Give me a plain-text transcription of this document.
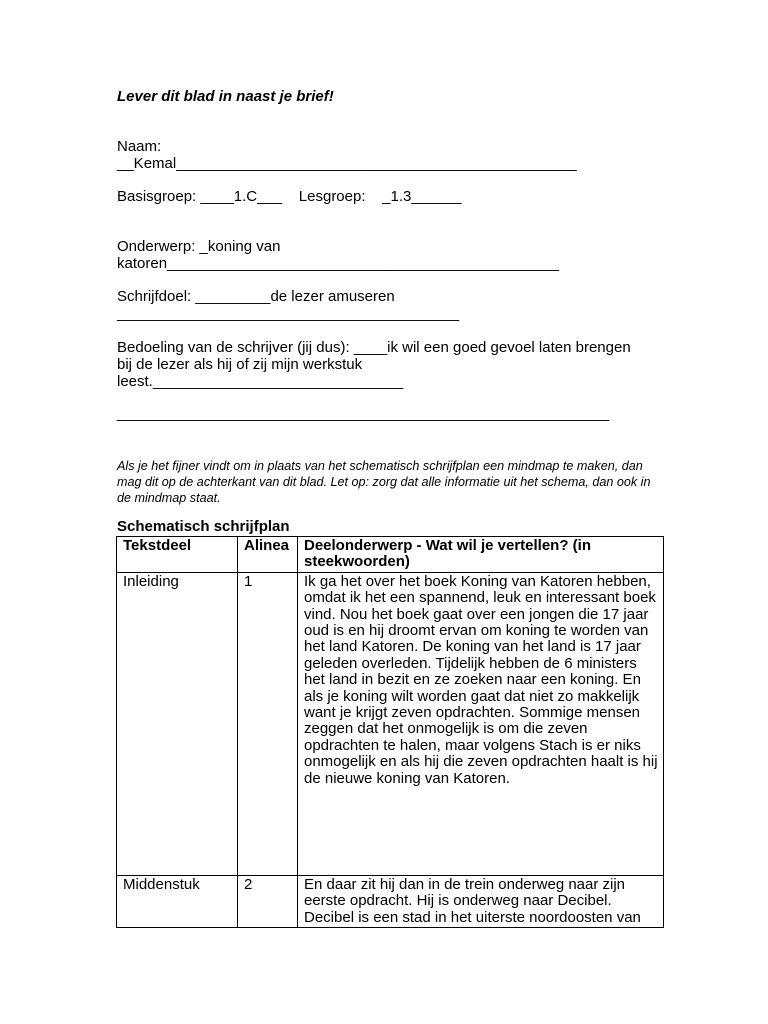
Lever dit blad in naast je brief!
Naam:
__Kemal________________________________________________
Basisgroep: ____1.C___    Lesgroep:    _1.3______
Onderwerp: _koning van
katoren_______________________________________________
Schrijfdoel: _________de lezer amuseren
_________________________________________
Bedoeling van de schrijver (jij dus): ____ik wil een goed gevoel laten brengen
bij de lezer als hij of zij mijn werkstuk
leest.______________________________
___________________________________________________________
Als je het fijner vindt om in plaats van het schematisch schrijfplan een mindmap te maken, dan mag dit op de achterkant van dit blad. Let op: zorg dat alle informatie uit het schema, dan ook in de mindmap staat.
Schematisch schrijfplan
Tekstdeel	Alinea	Deelonderwerp - Wat wil je vertellen? (in steekwoorden)
Inleiding	1	Ik ga het over het boek Koning van Katoren hebben, omdat ik het een spannend, leuk en interessant boek vind. Nou het boek gaat over een jongen die 17 jaar oud is en hij droomt ervan om koning te worden van het land Katoren. De koning van het land is 17 jaar geleden overleden. Tijdelijk hebben de 6 ministers het land in bezit en ze zoeken naar een koning. En als je koning wilt worden gaat dat niet zo makkelijk want je krijgt zeven opdrachten. Sommige mensen zeggen dat het onmogelijk is om die zeven opdrachten te halen, maar volgens Stach is er niks onmogelijk en als hij die zeven opdrachten haalt is hij de nieuwe koning van Katoren.
Middenstuk	2	En daar zit hij dan in de trein onderweg naar zijn eerste opdracht. Hij is onderweg naar Decibel. Decibel is een stad in het uiterste noordoosten van
